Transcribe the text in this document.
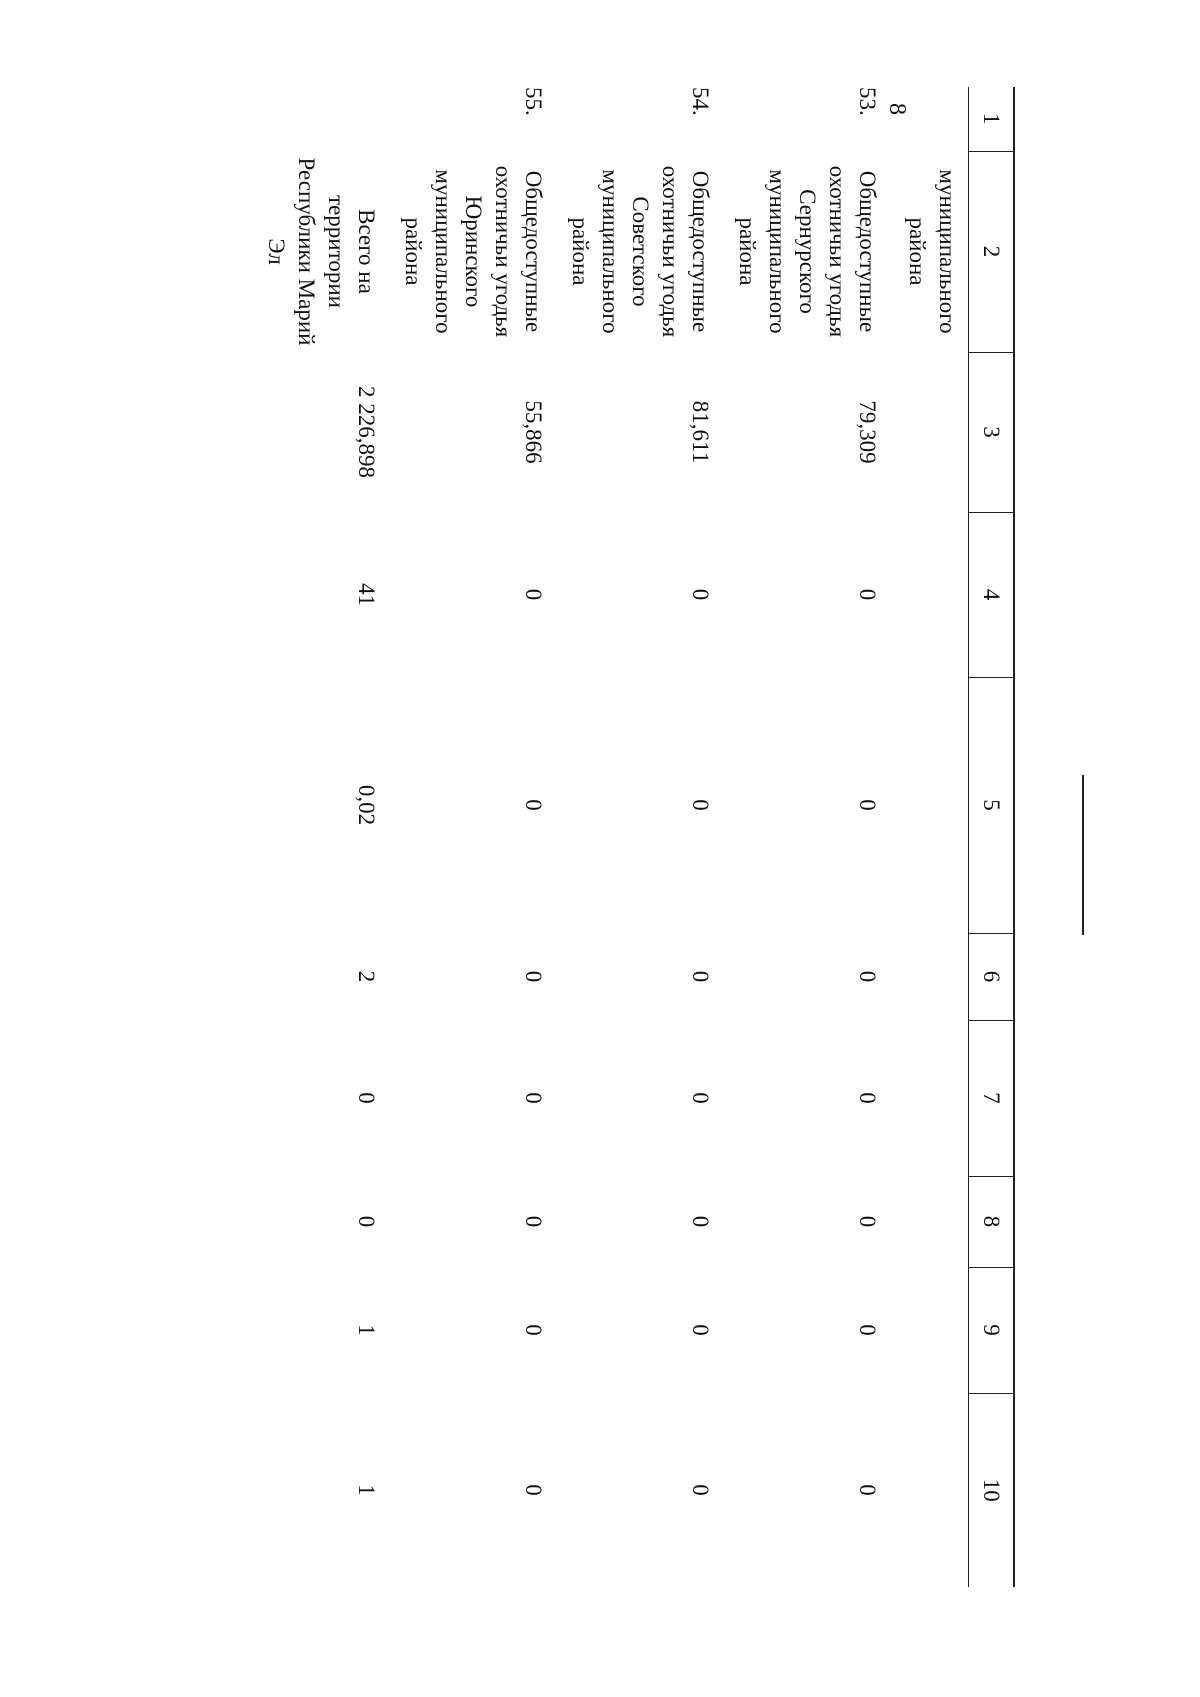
8
1	2	3	4	5	6	7	8	9	10
	муниципального района								
53.	Общедоступные охотничьи угодья Сернурского муниципального района	79,309	0	0	0	0	0	0	0
54.	Общедоступные охотничьи угодья Советского муниципального района	81,611	0	0	0	0	0	0	0
55.	Общедоступные охотничьи угодья Юринского муниципального района	55,866	0	0	0	0	0	0	0
	Всего на территории Республики Марий Эл	2 226,898	41	0,02	2	0	0	1	1
